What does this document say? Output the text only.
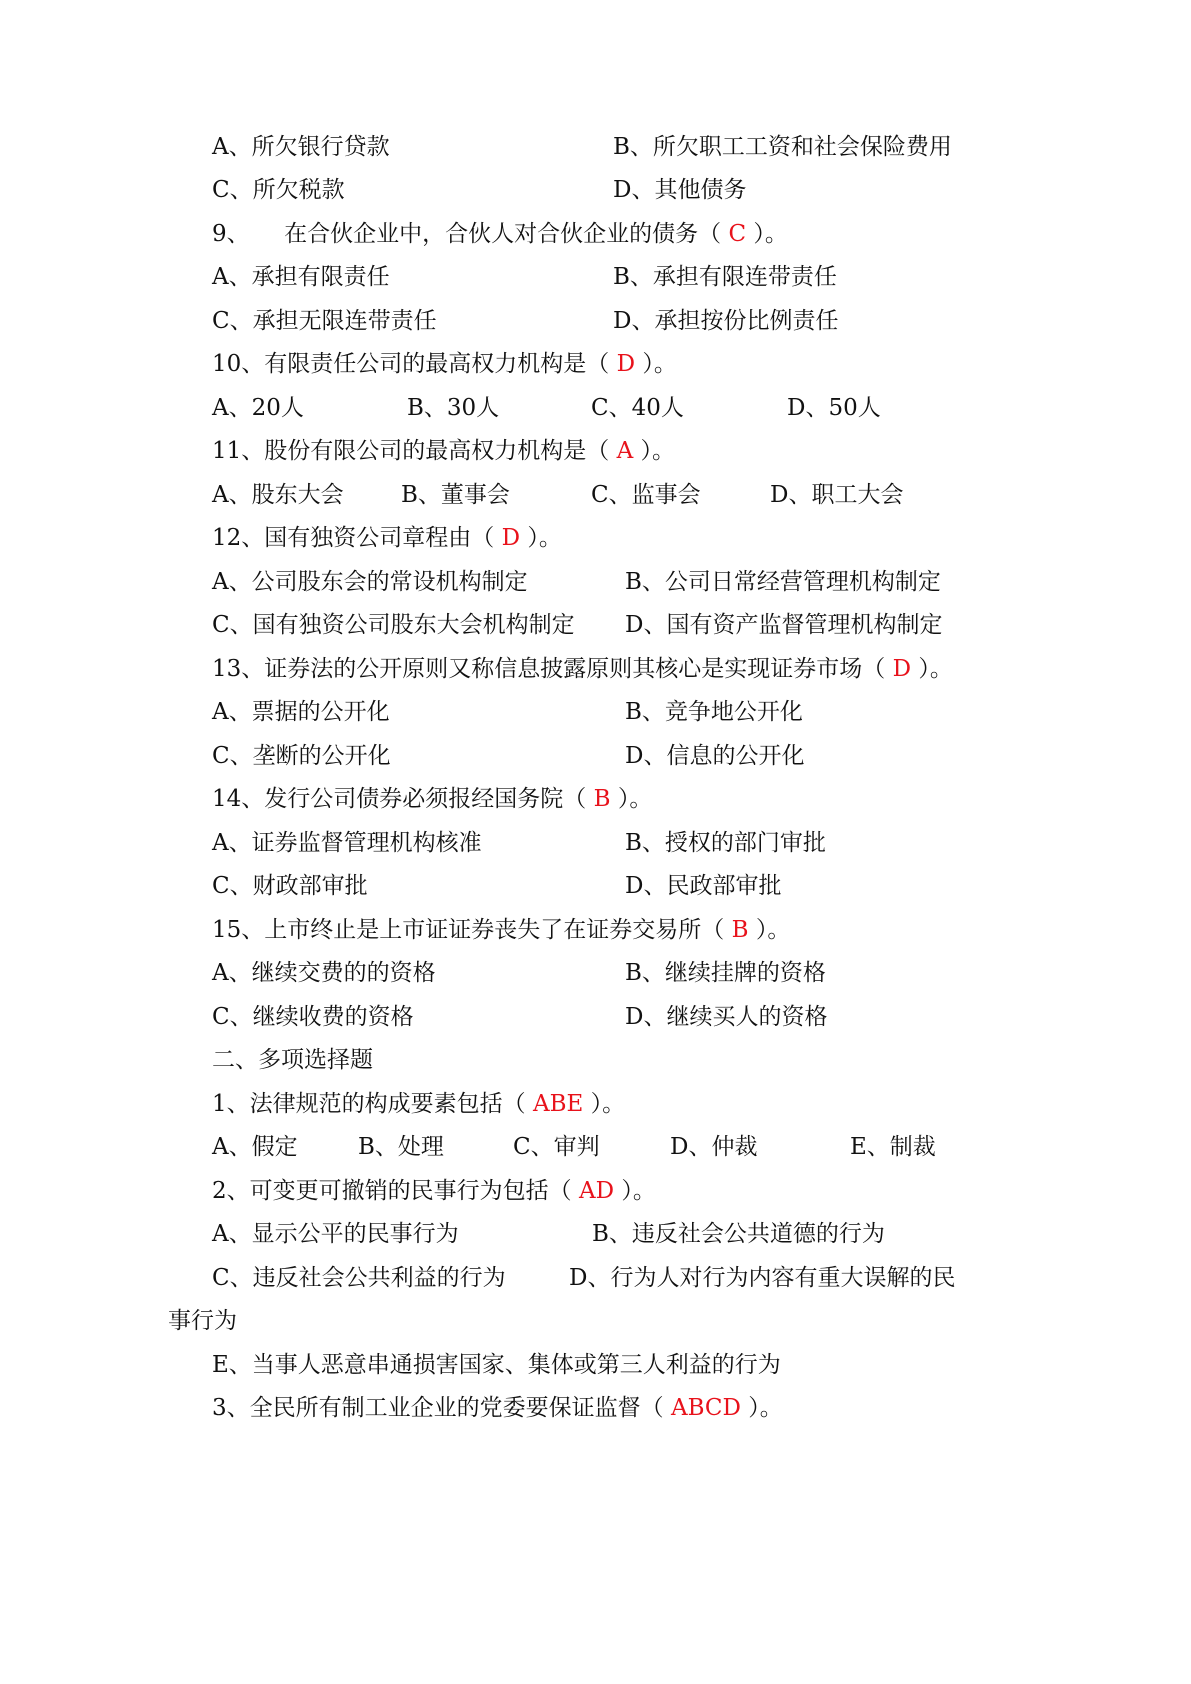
A、所欠银行贷款	B、所欠职工工资和社会保险费用
C、所欠税款	D、其他债务
9、　　在合伙企业中，合伙人对合伙企业的债务（ C ）。
A、承担有限责任	B、承担有限连带责任
C、承担无限连带责任	D、承担按份比例责任
10、有限责任公司的最高权力机构是（ D ）。
A、20人	B、30人	C、40人	D、50人
11、股份有限公司的最高权力机构是（ A ）。
A、股东大会 B、董事会	C、监事会	D、职工大会
12、国有独资公司章程由（ D ）。
A、公司股东会的常设机构制定	B、公司日常经营管理机构制定
C、国有独资公司股东大会机构制定 D、国有资产监督管理机构制定
13、证券法的公开原则又称信息披露原则其核心是实现证券市场（ D ）。
A、票据的公开化	B、竞争地公开化
C、垄断的公开化	D、信息的公开化
14、发行公司债券必须报经国务院（ B ）。
A、证券监督管理机构核准	B、授权的部门审批
C、财政部审批	D、民政部审批
15、上市终止是上市证证券丧失了在证券交易所（ B ）。
A、继续交费的的资格	B、继续挂牌的资格
C、继续收费的资格	D、继续买人的资格
二、多项选择题
1、法律规范的构成要素包括（ ABE ）。
A、假定	B、处理	C、审判	D、仲裁	E、制裁
2、可变更可撤销的民事行为包括（ AD ）。
A、显示公平的民事行为	B、违反社会公共道德的行为
C、违反社会公共利益的行为	D、行为人对行为内容有重大误解的民
事行为
E、当事人恶意串通损害国家、集体或第三人利益的行为
3、全民所有制工业企业的党委要保证监督（ ABCD ）。
